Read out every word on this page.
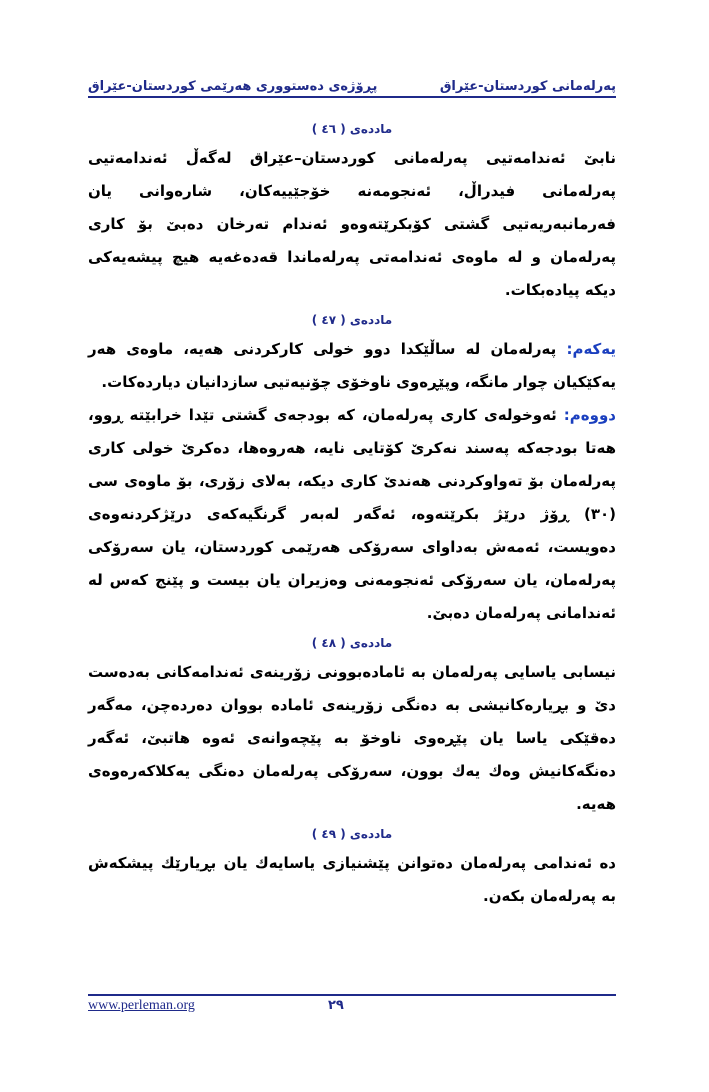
پڕۆژەی دەستووری هەرێمی کوردستان-عێراق	پەرلەمانی کوردستان-عێراق
ماددەی ( ٤٦ )

نابێ ئەندامەتیی پەرلەمانی کوردستان–عێراق لەگەڵ ئەندامەتیی پەرلەمانی فیدراڵ، ئەنجومەنە خۆجێییەکان، شارەوانی یان فەرمانبەریەتیی گشتی کۆبکرێتەوەو ئەندام تەرخان دەبێ بۆ کاری پەرلەمان و لە ماوەی ئەندامەتی پەرلەماندا قەدەغەیە هیچ پیشەیەکی دیکە پیادەبکات.

ماددەی ( ٤٧ )

یەکەم: پەرلەمان لە ساڵێکدا دوو خولی کارکردنی هەیە، ماوەی هەر یەکێکیان چوار مانگە، وپێڕەوی ناوخۆی چۆنیەتیی سازدانیان دیاردەکات.

دووەم: ئەوخولەی کاری پەرلەمان، کە بودجەی گشتی تێدا خرابێتە ڕوو، هەتا بودجەکە پەسند نەکرێ کۆتایی نایە، هەروەها، دەکرێ خولی کاری پەرلەمان بۆ تەواوکردنی هەندێ کاری دیکە، بەلای زۆری، بۆ ماوەی سی (٣٠) ڕۆژ درێژ بکرێتەوە، ئەگەر لەبەر گرنگیەکەی درێژکردنەوەی دەویست، ئەمەش بەداوای سەرۆکی هەرێمی کوردستان، یان سەرۆکی پەرلەمان، یان سەرۆکی ئەنجومەنی وەزیران یان بیست و پێنج کەس لە ئەندامانی پەرلەمان دەبێ.

ماددەی ( ٤٨ )

نیسابی یاسایی پەرلەمان بە ئامادەبوونی زۆرینەی ئەندامەکانی بەدەست دێ و بڕیارەکانیشی بە دەنگی زۆرینەی ئامادە بووان دەردەچن، مەگەر دەقێکی یاسا یان پێڕەوی ناوخۆ بە پێچەوانەی ئەوە هاتبێ، ئەگەر دەنگەکانیش وەك یەك بوون، سەرۆکی پەرلەمان دەنگی یەکلاکەرەوەی هەیە.

ماددەی ( ٤٩ )

دە ئەندامی پەرلەمان دەتوانن پێشنیازی یاسایەك یان بڕیارێك پیشکەش بە پەرلەمان بکەن.

www.perleman.org	٢٩
